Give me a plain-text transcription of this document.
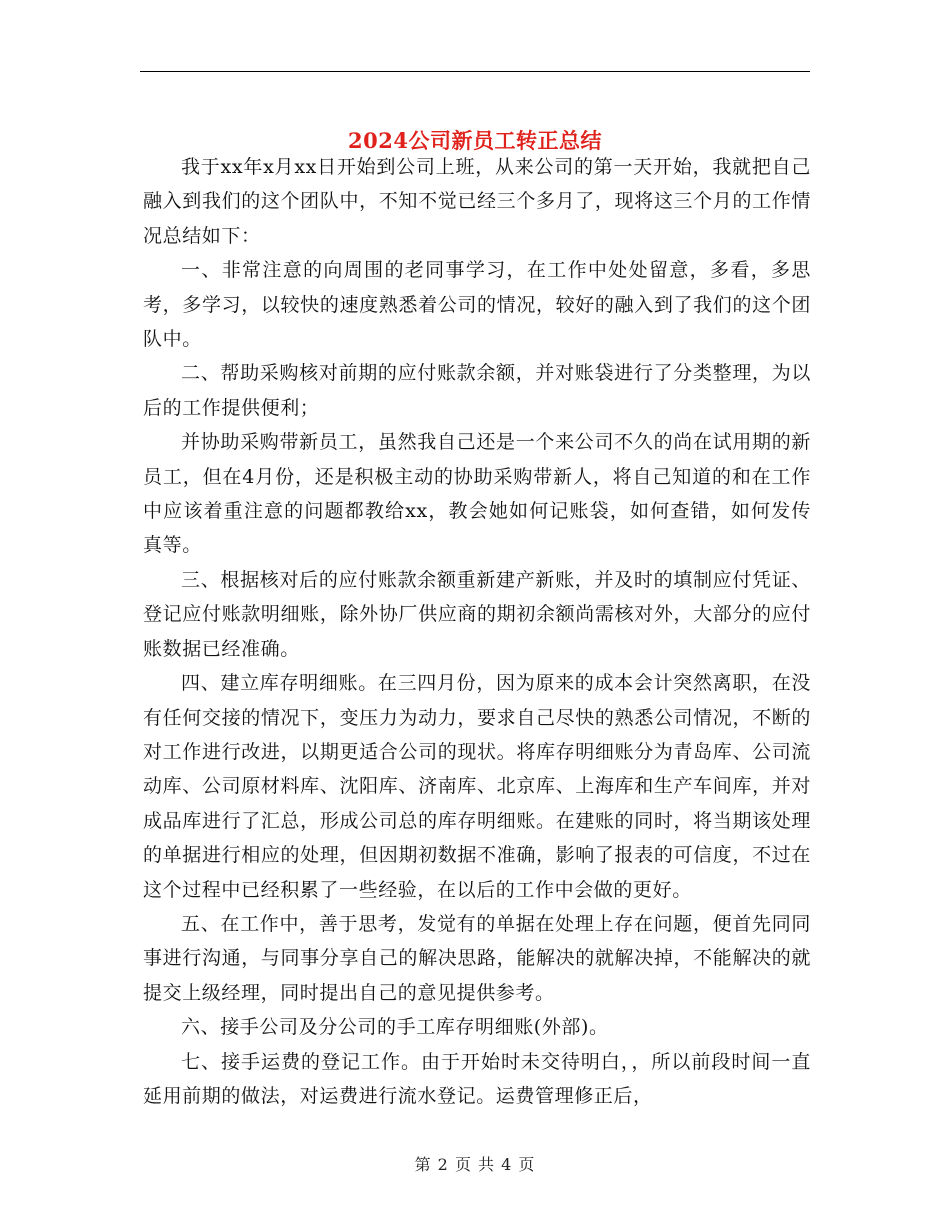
2024公司新员工转正总结

我于xx年x月xx日开始到公司上班，从来公司的第一天开始，我就把自己融入到我们的这个团队中，不知不觉已经三个多月了，现将这三个月的工作情况总结如下：

一、非常注意的向周围的老同事学习，在工作中处处留意，多看，多思考，多学习，以较快的速度熟悉着公司的情况，较好的融入到了我们的这个团队中。

二、帮助采购核对前期的应付账款余额，并对账袋进行了分类整理，为以后的工作提供便利；

并协助采购带新员工，虽然我自己还是一个来公司不久的尚在试用期的新员工，但在4月份，还是积极主动的协助采购带新人，将自己知道的和在工作中应该着重注意的问题都教给xx，教会她如何记账袋，如何查错，如何发传真等。

三、根据核对后的应付账款余额重新建产新账，并及时的填制应付凭证、登记应付账款明细账，除外协厂供应商的期初余额尚需核对外，大部分的应付账数据已经准确。

四、建立库存明细账。在三四月份，因为原来的成本会计突然离职，在没有任何交接的情况下，变压力为动力，要求自己尽快的熟悉公司情况，不断的对工作进行改进，以期更适合公司的现状。将库存明细账分为青岛库、公司流动库、公司原材料库、沈阳库、济南库、北京库、上海库和生产车间库，并对成品库进行了汇总，形成公司总的库存明细账。在建账的同时，将当期该处理的单据进行相应的处理，但因期初数据不准确，影响了报表的可信度，不过在这个过程中已经积累了一些经验，在以后的工作中会做的更好。

五、在工作中，善于思考，发觉有的单据在处理上存在问题，便首先同同事进行沟通，与同事分享自己的解决思路，能解决的就解决掉，不能解决的就提交上级经理，同时提出自己的意见提供参考。

六、接手公司及分公司的手工库存明细账(外部)。

七、接手运费的登记工作。由于开始时未交待明白，，所以前段时间一直延用前期的做法，对运费进行流水登记。运费管理修正后，

第 2 页 共 4 页
